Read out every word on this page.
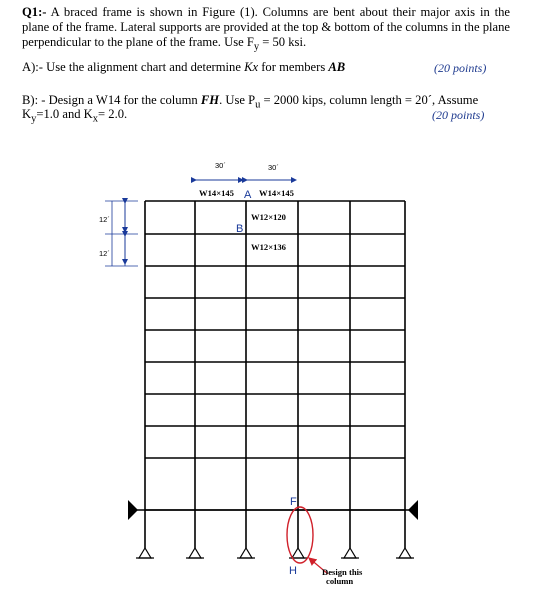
Q1:- A braced frame is shown in Figure (1). Columns are bent about their major axis in the plane of the frame. Lateral supports are provided at the top & bottom of the columns in the plane perpendicular to the plane of the frame. Use $F_y = 50$ ksi.
A):- Use the alignment chart and determine Kx for members AB	(20 points)
B): - Design a W14 for the column FH. Use $P_u = 2000$ kips, column length = 20´, Assume
$K_y=1.0$ and $K_x= 2.0$.	(20 points)
30´	30´
W14×145	W14×145
A
B
W12×120
W12×136
12´
12´
F
H	Design this
column
